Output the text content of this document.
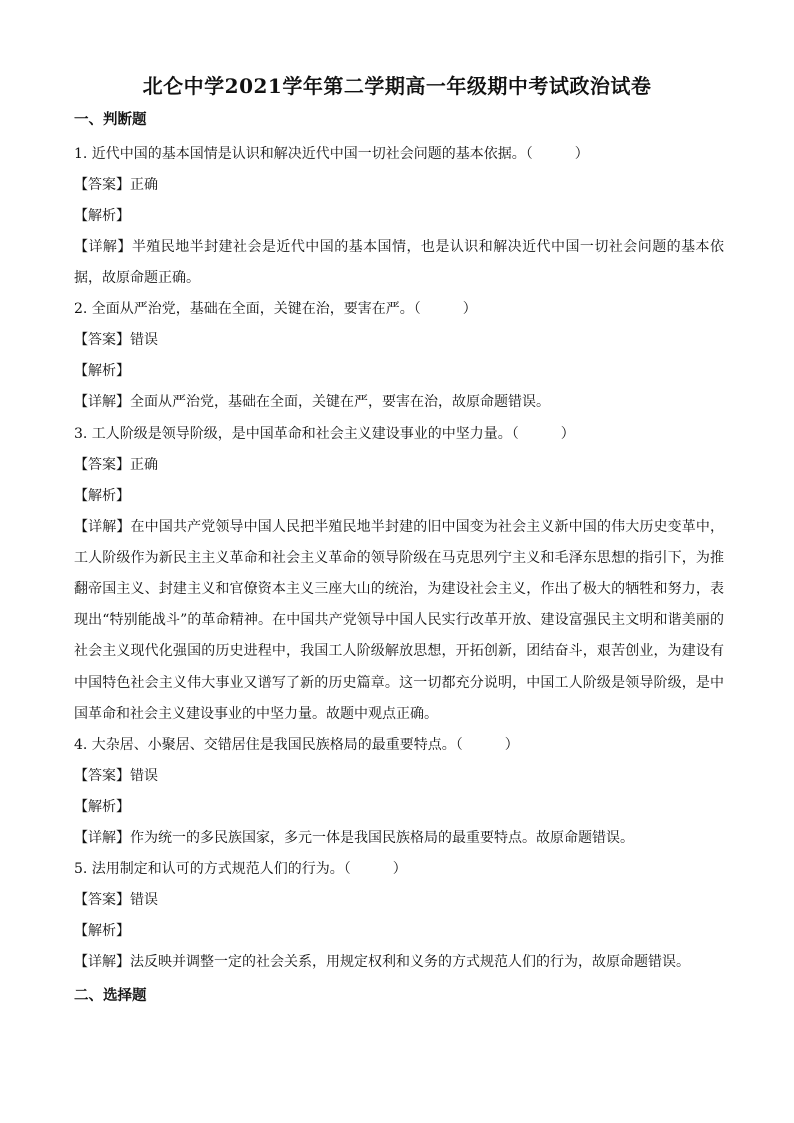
北仑中学2021学年第二学期高一年级期中考试政治试卷
一、判断题
1. 近代中国的基本国情是认识和解决近代中国一切社会问题的基本依据。（　　　）
【答案】正确
【解析】
【详解】半殖民地半封建社会是近代中国的基本国情，也是认识和解决近代中国一切社会问题的基本依据，故原命题正确。
2. 全面从严治党，基础在全面，关键在治，要害在严。（　　　）
【答案】错误
【解析】
【详解】全面从严治党，基础在全面，关键在严，要害在治，故原命题错误。
3. 工人阶级是领导阶级，是中国革命和社会主义建设事业的中坚力量。（　　　）
【答案】正确
【解析】
【详解】在中国共产党领导中国人民把半殖民地半封建的旧中国变为社会主义新中国的伟大历史变革中，工人阶级作为新民主主义革命和社会主义革命的领导阶级在马克思列宁主义和毛泽东思想的指引下，为推翻帝国主义、封建主义和官僚资本主义三座大山的统治，为建设社会主义，作出了极大的牺牲和努力，表现出“特别能战斗”的革命精神。在中国共产党领导中国人民实行改革开放、建设富强民主文明和谐美丽的社会主义现代化强国的历史进程中，我国工人阶级解放思想，开拓创新，团结奋斗，艰苦创业，为建设有中国特色社会主义伟大事业又谱写了新的历史篇章。这一切都充分说明，中国工人阶级是领导阶级，是中国革命和社会主义建设事业的中坚力量。故题中观点正确。
4. 大杂居、小聚居、交错居住是我国民族格局的最重要特点。（　　　）
【答案】错误
【解析】
【详解】作为统一的多民族国家，多元一体是我国民族格局的最重要特点。故原命题错误。
5. 法用制定和认可的方式规范人们的行为。（　　　）
【答案】错误
【解析】
【详解】法反映并调整一定的社会关系，用规定权利和义务的方式规范人们的行为，故原命题错误。
二、选择题
